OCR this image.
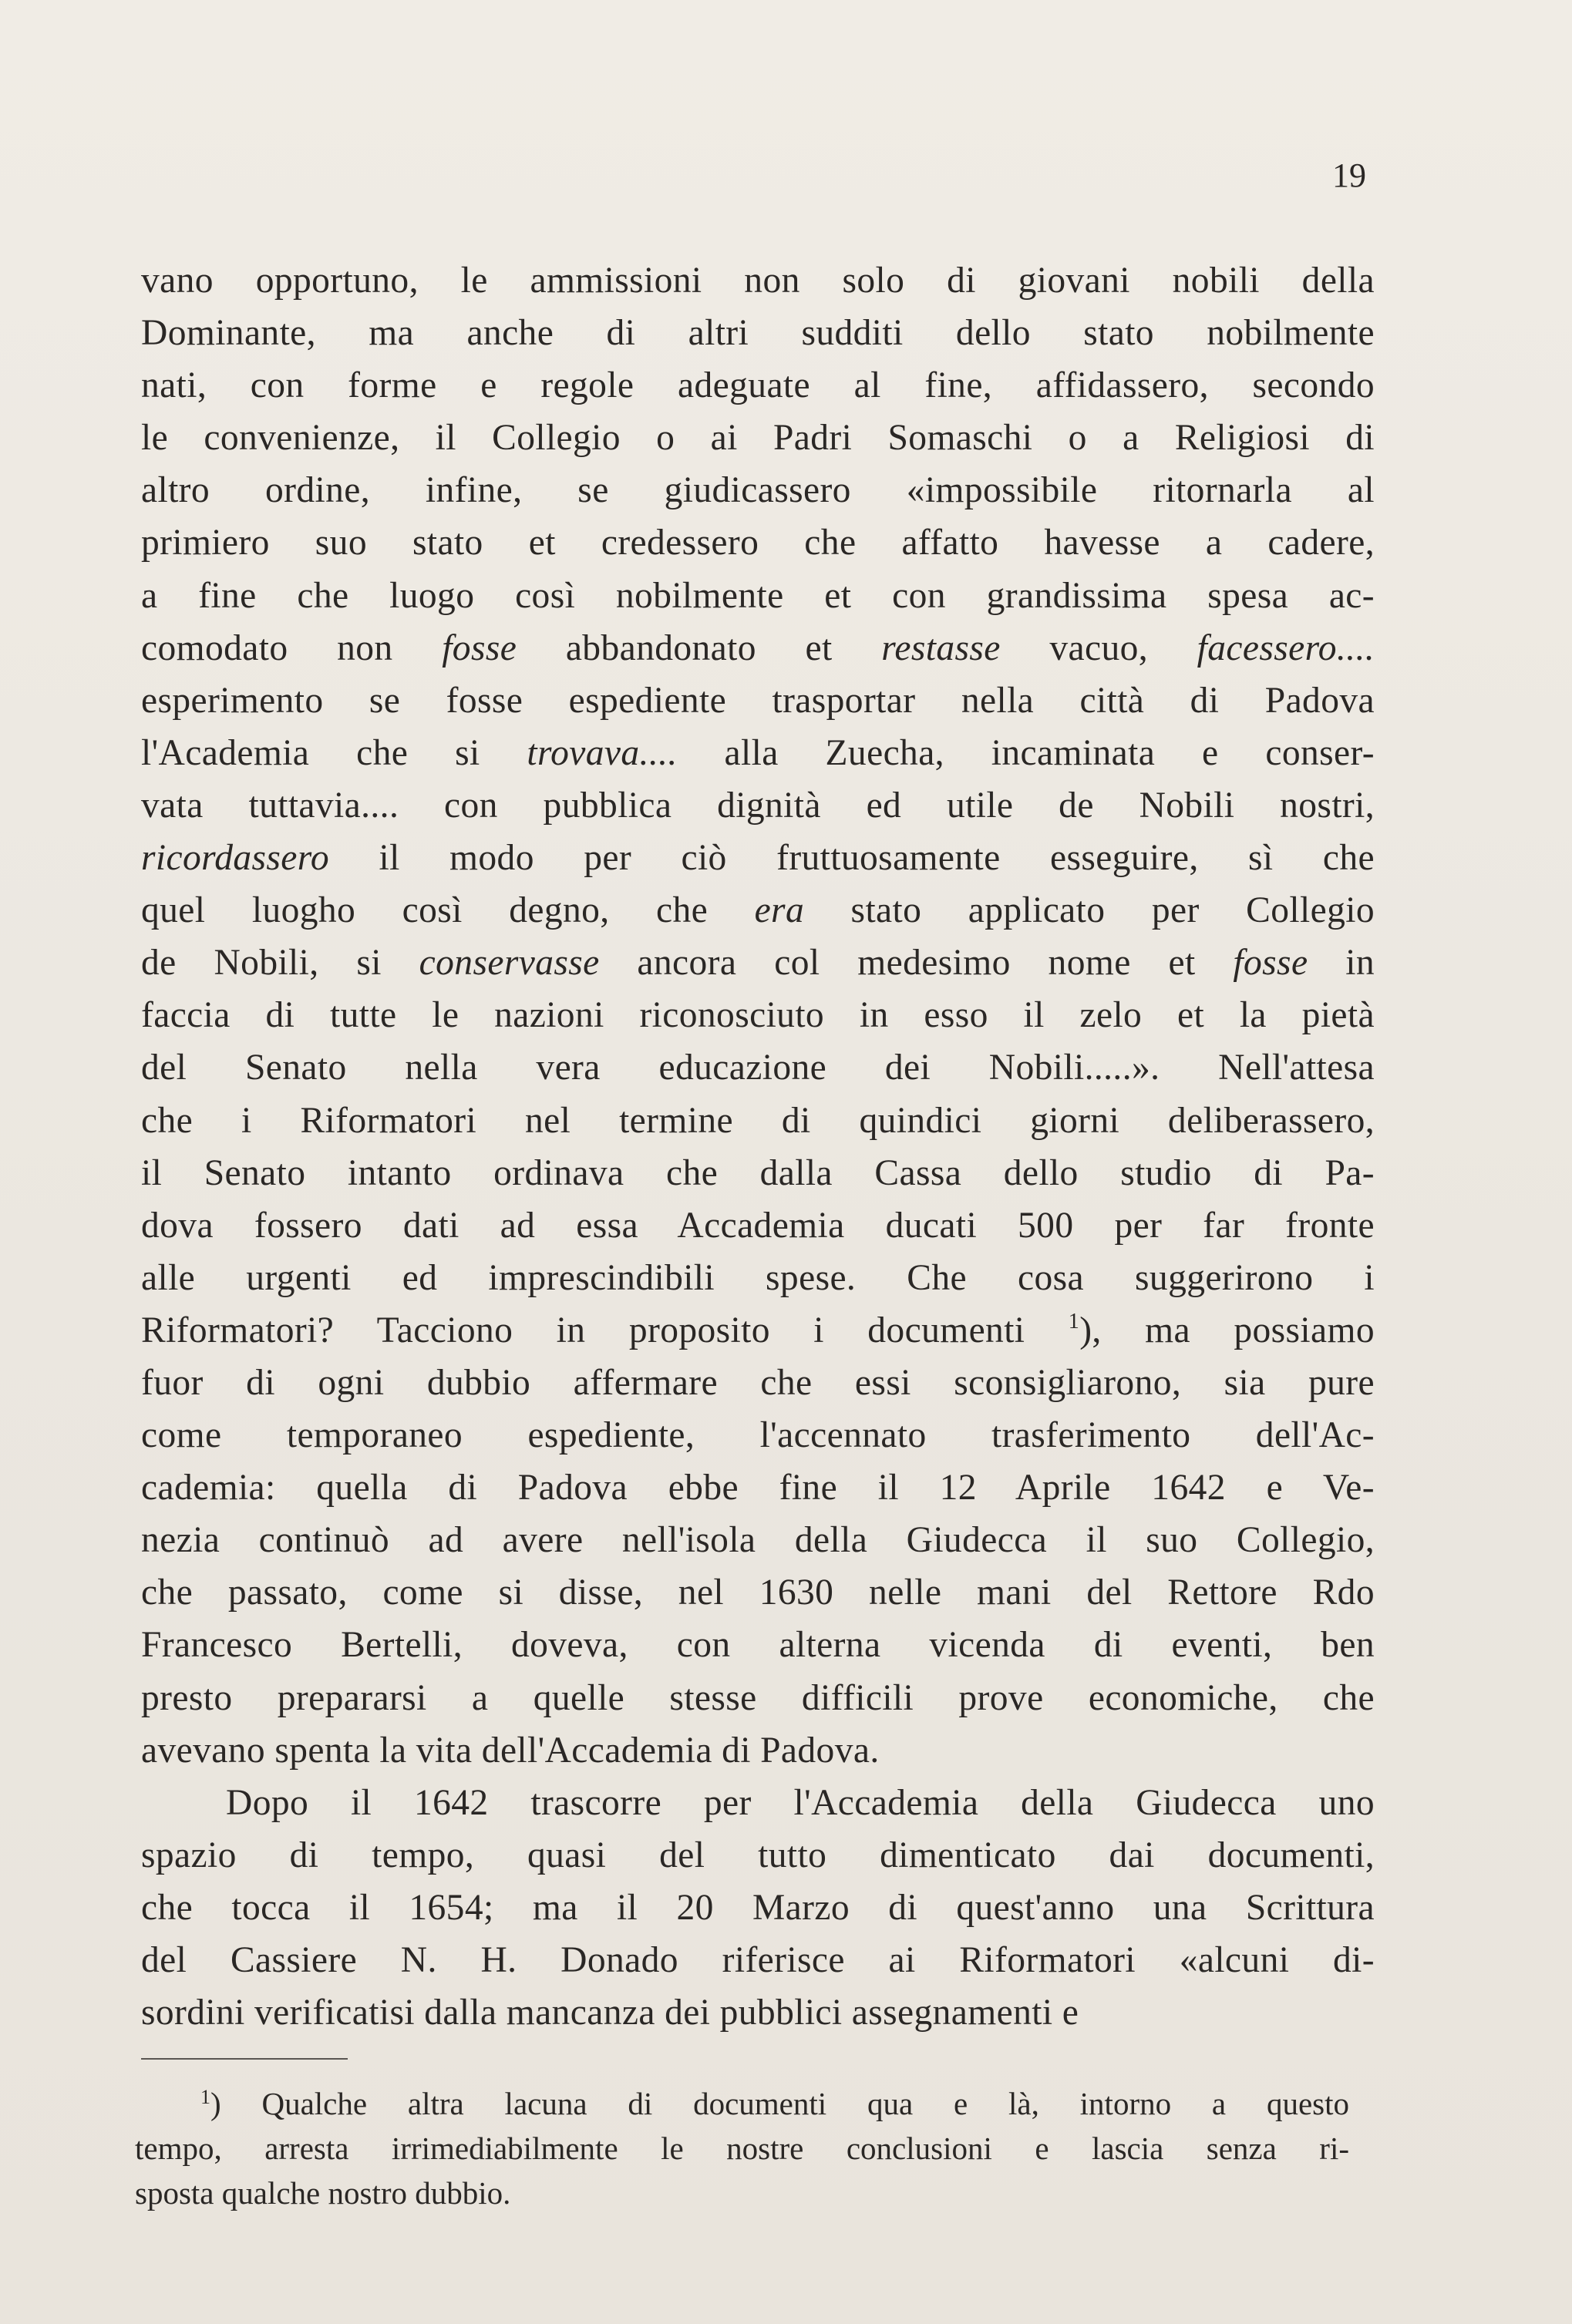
19
vano opportuno, le ammissioni non solo di giovani nobili della
Dominante, ma anche di altri sudditi dello stato nobilmente
nati, con forme e regole adeguate al fine, affidassero, secondo
le convenienze, il Collegio o ai Padri Somaschi o a Religiosi di
altro ordine, infine, se giudicassero «impossibile ritornarla al
primiero suo stato et credessero che affatto havesse a cadere,
a fine che luogo così nobilmente et con grandissima spesa ac-
comodato non fosse abbandonato et restasse vacuo, facessero....
esperimento se fosse espediente trasportar nella città di Padova
l'Academia che si trovava.... alla Zuecha, incaminata e conser-
vata tuttavia.... con pubblica dignità ed utile de Nobili nostri,
ricordassero il modo per ciò fruttuosamente esseguire, sì che
quel luogho così degno, che era stato applicato per Collegio
de Nobili, si conservasse ancora col medesimo nome et fosse in
faccia di tutte le nazioni riconosciuto in esso il zelo et la pietà
del Senato nella vera educazione dei Nobili.....». Nell'attesa
che i Riformatori nel termine di quindici giorni deliberassero,
il Senato intanto ordinava che dalla Cassa dello studio di Pa-
dova fossero dati ad essa Accademia ducati 500 per far fronte
alle urgenti ed imprescindibili spese. Che cosa suggerirono i
Riformatori? Tacciono in proposito i documenti $^1$), ma possiamo
fuor di ogni dubbio affermare che essi sconsigliarono, sia pure
come temporaneo espediente, l'accennato trasferimento dell'Ac-
cademia: quella di Padova ebbe fine il 12 Aprile 1642 e Ve-
nezia continuò ad avere nell'isola della Giudecca il suo Collegio,
che passato, come si disse, nel 1630 nelle mani del Rettore Rdo
Francesco Bertelli, doveva, con alterna vicenda di eventi, ben
presto prepararsi a quelle stesse difficili prove economiche, che
avevano spenta la vita dell'Accademia di Padova.
Dopo il 1642 trascorre per l'Accademia della Giudecca uno
spazio di tempo, quasi del tutto dimenticato dai documenti,
che tocca il 1654; ma il 20 Marzo di quest'anno una Scrittura
del Cassiere N. H. Donado riferisce ai Riformatori «alcuni di-
sordini verificatisi dalla mancanza dei pubblici assegnamenti e
$^1$) Qualche altra lacuna di documenti qua e là, intorno a questo
tempo, arresta irrimediabilmente le nostre conclusioni e lascia senza ri-
sposta qualche nostro dubbio.
